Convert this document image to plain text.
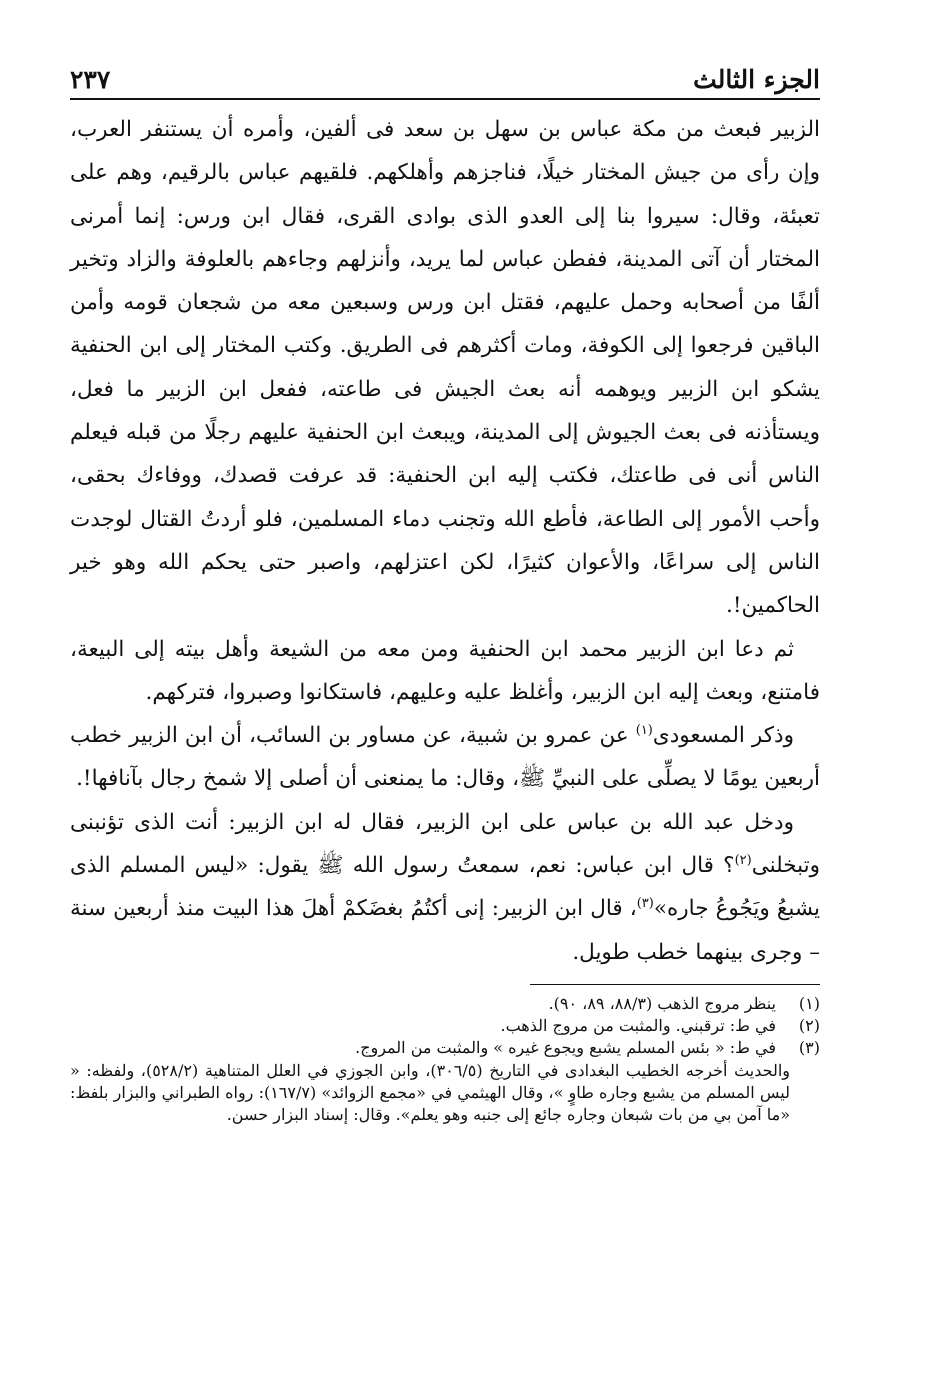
الجزء الثالث
٢٣٧

الزبير فبعث من مكة عباس بن سهل بن سعد فى ألفين، وأمره أن يستنفر العرب، وإن رأى من جيش المختار خيلًا، فناجزهم وأهلكهم. فلقيهم عباس بالرقيم، وهم على تعبئة، وقال: سيروا بنا إلى العدو الذى بوادى القرى، فقال ابن ورس: إنما أمرنى المختار أن آتى المدينة، ففطن عباس لما يريد، وأنزلهم وجاءهم بالعلوفة والزاد وتخير ألفًا من أصحابه وحمل عليهم، فقتل ابن ورس وسبعين معه من شجعان قومه وأمن الباقين فرجعوا إلى الكوفة، ومات أكثرهم فى الطريق. وكتب المختار إلى ابن الحنفية يشكو ابن الزبير ويوهمه أنه بعث الجيش فى طاعته، ففعل ابن الزبير ما فعل، ويستأذنه فى بعث الجيوش إلى المدينة، ويبعث ابن الحنفية عليهم رجلًا من قبله فيعلم الناس أنى فى طاعتك، فكتب إليه ابن الحنفية: قد عرفت قصدك، ووفاءك بحقى، وأحب الأمور إلى الطاعة، فأطع الله وتجنب دماء المسلمين، فلو أردتُ القتال لوجدت الناس إلى سراعًا، والأعوان كثيرًا، لكن اعتزلهم، واصبر حتى يحكم الله وهو خير الحاكمين!.

ثم دعا ابن الزبير محمد ابن الحنفية ومن معه من الشيعة وأهل بيته إلى البيعة، فامتنع، وبعث إليه ابن الزبير، وأغلظ عليه وعليهم، فاستكانوا وصبروا، فتركهم.

وذكر المسعودى$^{(١)}$ عن عمرو بن شبية، عن مساور بن السائب، أن ابن الزبير خطب أربعين يومًا لا يصلِّى على النبيِّ ﷺ، وقال: ما يمنعنى أن أصلى إلا شمخ رجال بآنافها!.

ودخل عبد الله بن عباس على ابن الزبير، فقال له ابن الزبير: أنت الذى تؤنبنى وتبخلنى$^{(٢)}$؟ قال ابن عباس: نعم، سمعتُ رسول الله ﷺ يقول: «ليس المسلم الذى يشبعُ ويَجُوعُ جاره»$^{(٣)}$، قال ابن الزبير: إنى أكتُمُ بغضَكمْ أهلَ هذا البيت منذ أربعين سنة – وجرى بينهما خطب طويل.

(١)
ينظر مروج الذهب (٨٨/٣، ٨٩، ٩٠).

(٢)
في ط: ترقبني. والمثبت من مروج الذهب.

(٣)
في ط: « بئس المسلم يشبع ويجوع غيره » والمثبت من المروج.

والحديث أخرجه الخطيب البغدادى في التاريخ (٣٠٦/٥)، وابن الجوزي في العلل المتناهية (٥٢٨/٢)، ولفظه: « ليس المسلم من يشبع وجاره طاوٍ »، وقال الهيثمي في «مجمع الزوائد» (١٦٧/٧): رواه الطبراني والبزار بلفظ: «ما آمن بي من بات شبعان وجاره جائع إلى جنبه وهو يعلم». وقال: إسناد البزار حسن.
